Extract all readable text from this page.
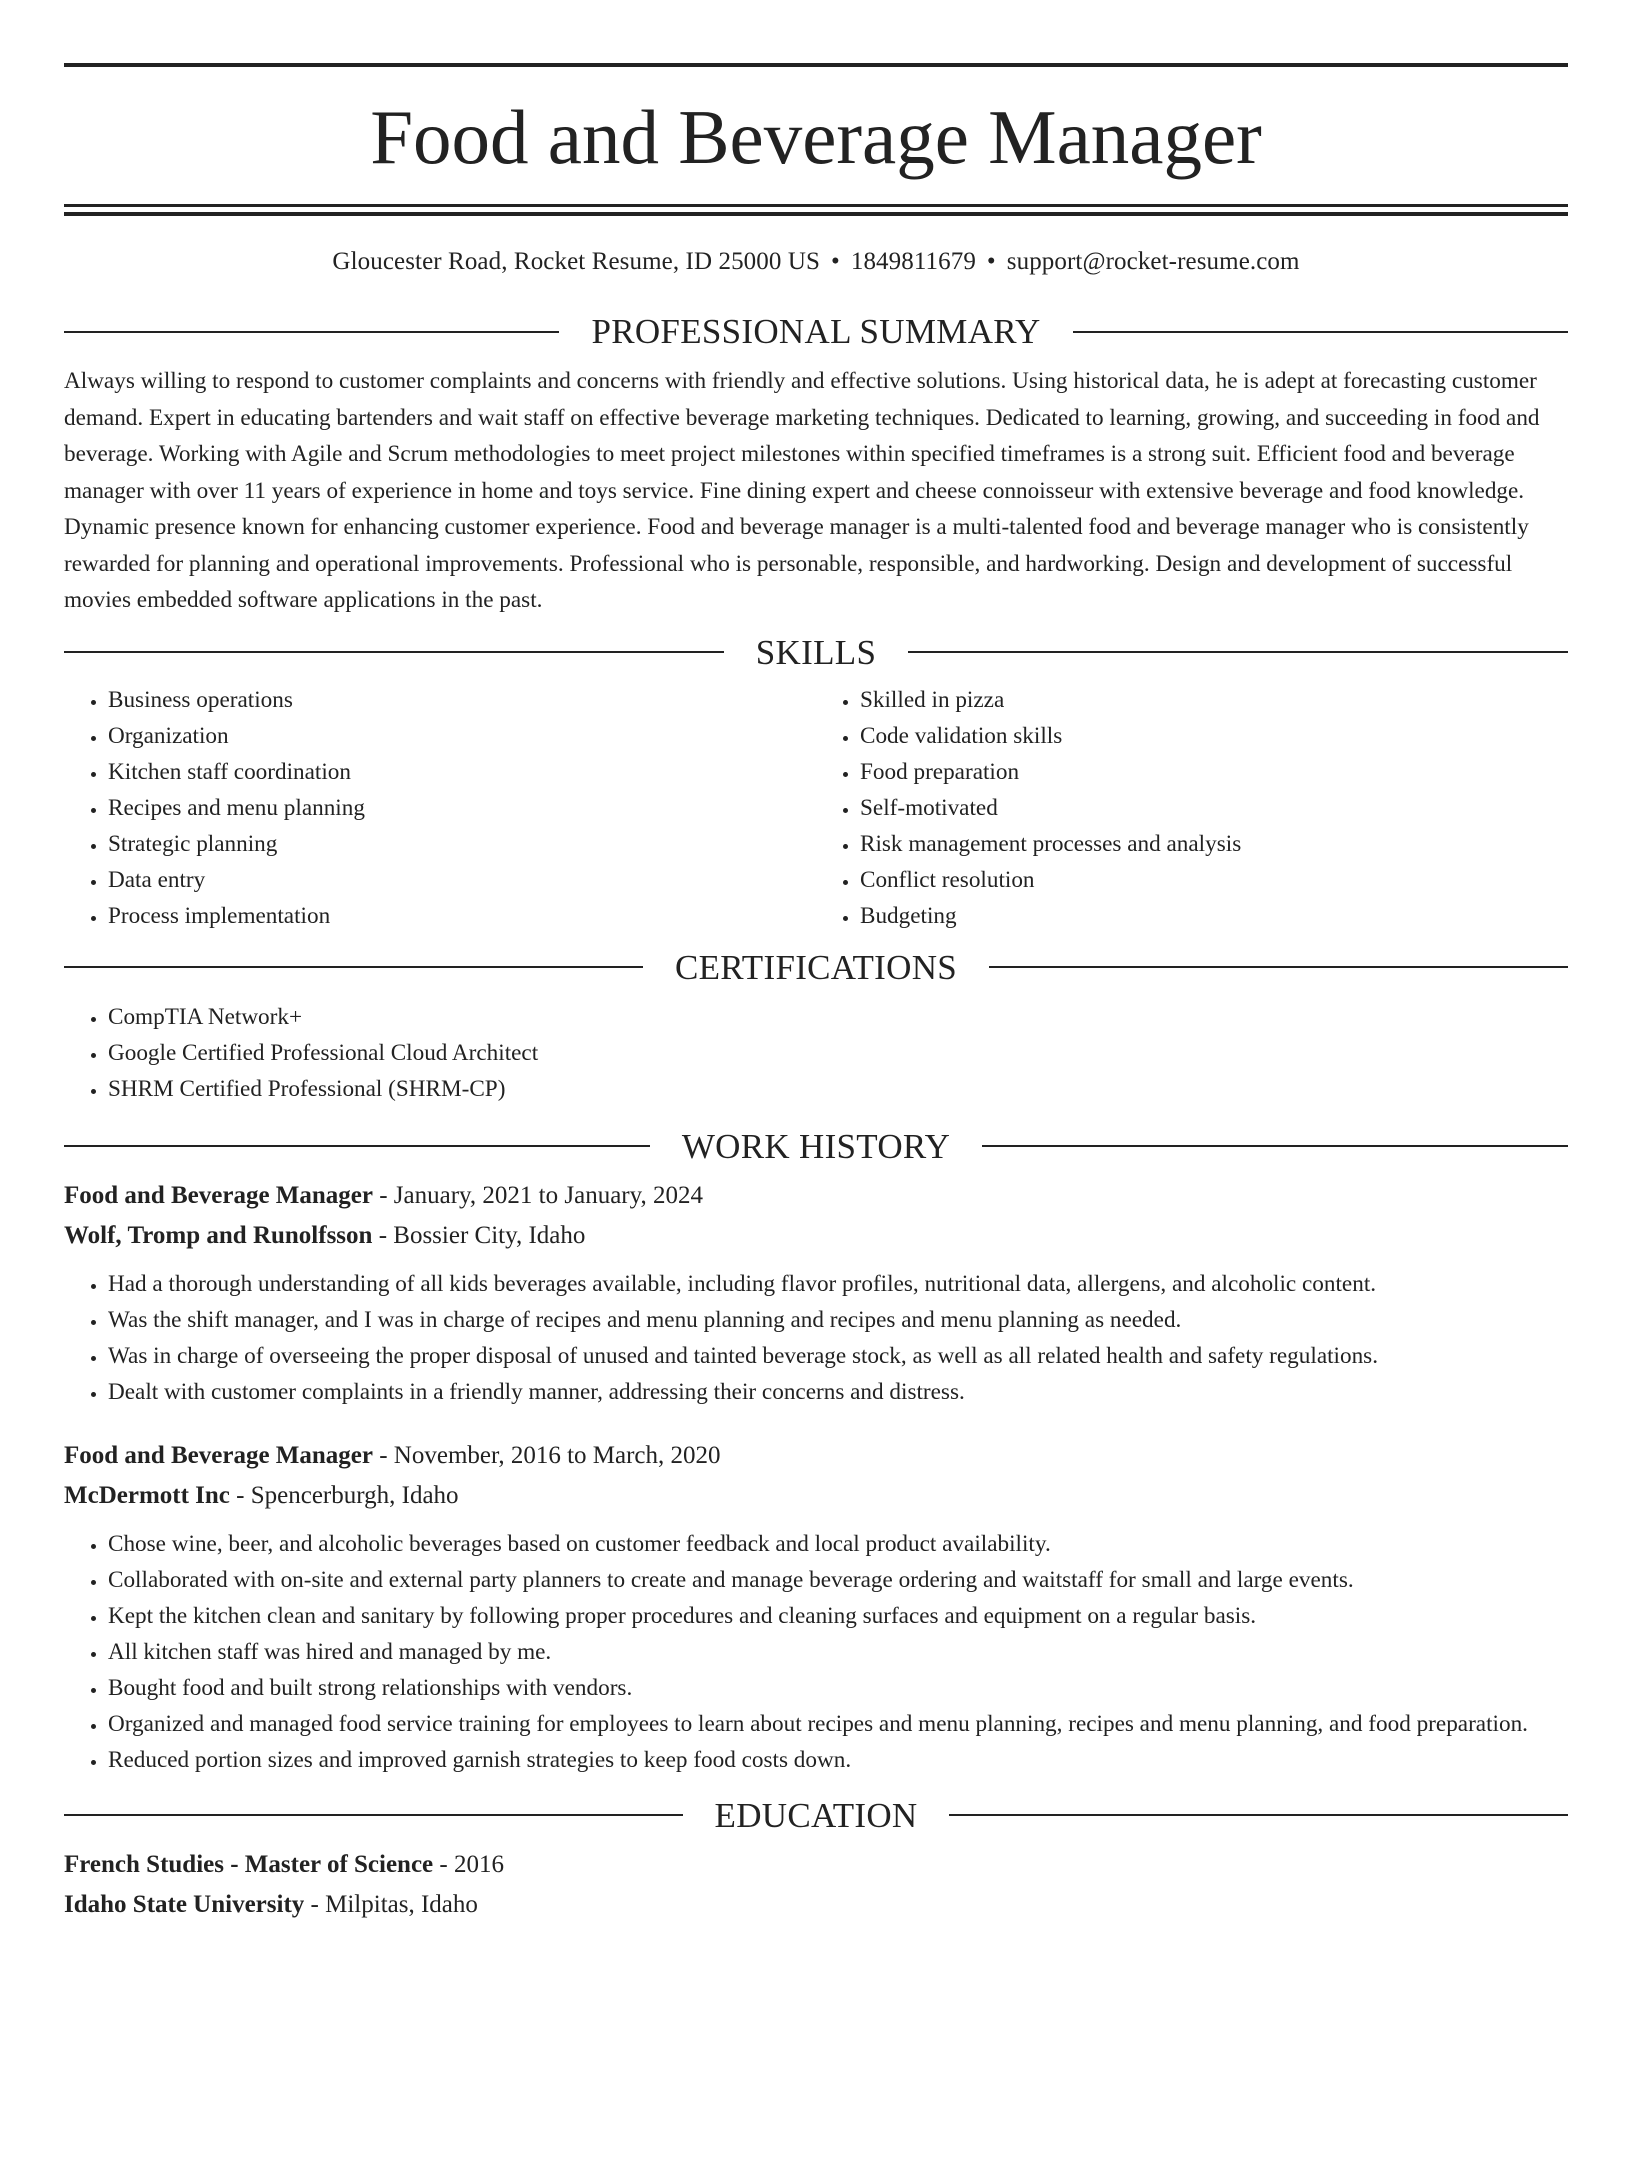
Food and Beverage Manager
Gloucester Road, Rocket Resume, ID 25000 US • 1849811679 • support@rocket-resume.com
PROFESSIONAL SUMMARY

Always willing to respond to customer complaints and concerns with friendly and effective solutions. Using historical data, he is adept at forecasting customer demand. Expert in educating bartenders and wait staff on effective beverage marketing techniques. Dedicated to learning, growing, and succeeding in food and beverage. Working with Agile and Scrum methodologies to meet project milestones within specified timeframes is a strong suit. Efficient food and beverage manager with over 11 years of experience in home and toys service. Fine dining expert and cheese connoisseur with extensive beverage and food knowledge. Dynamic presence known for enhancing customer experience. Food and beverage manager is a multi-talented food and beverage manager who is consistently rewarded for planning and operational improvements. Professional who is personable, responsible, and hardworking. Design and development of successful movies embedded software applications in the past.

SKILLS
• Business operations
• Organization
• Kitchen staff coordination
• Recipes and menu planning
• Strategic planning
• Data entry
• Process implementation
• Skilled in pizza
• Code validation skills
• Food preparation
• Self-motivated
• Risk management processes and analysis
• Conflict resolution
• Budgeting
CERTIFICATIONS
• CompTIA Network+
• Google Certified Professional Cloud Architect
• SHRM Certified Professional (SHRM-CP)
WORK HISTORY
Food and Beverage Manager - January, 2021 to January, 2024
Wolf, Tromp and Runolfsson - Bossier City, Idaho
• Had a thorough understanding of all kids beverages available, including flavor profiles, nutritional data, allergens, and alcoholic content.
• Was the shift manager, and I was in charge of recipes and menu planning and recipes and menu planning as needed.
• Was in charge of overseeing the proper disposal of unused and tainted beverage stock, as well as all related health and safety regulations.
• Dealt with customer complaints in a friendly manner, addressing their concerns and distress.
Food and Beverage Manager - November, 2016 to March, 2020
McDermott Inc - Spencerburgh, Idaho
• Chose wine, beer, and alcoholic beverages based on customer feedback and local product availability.
• Collaborated with on-site and external party planners to create and manage beverage ordering and waitstaff for small and large events.
• Kept the kitchen clean and sanitary by following proper procedures and cleaning surfaces and equipment on a regular basis.
• All kitchen staff was hired and managed by me.
• Bought food and built strong relationships with vendors.
• Organized and managed food service training for employees to learn about recipes and menu planning, recipes and menu planning, and food preparation.
• Reduced portion sizes and improved garnish strategies to keep food costs down.
EDUCATION
French Studies - Master of Science - 2016
Idaho State University - Milpitas, Idaho
